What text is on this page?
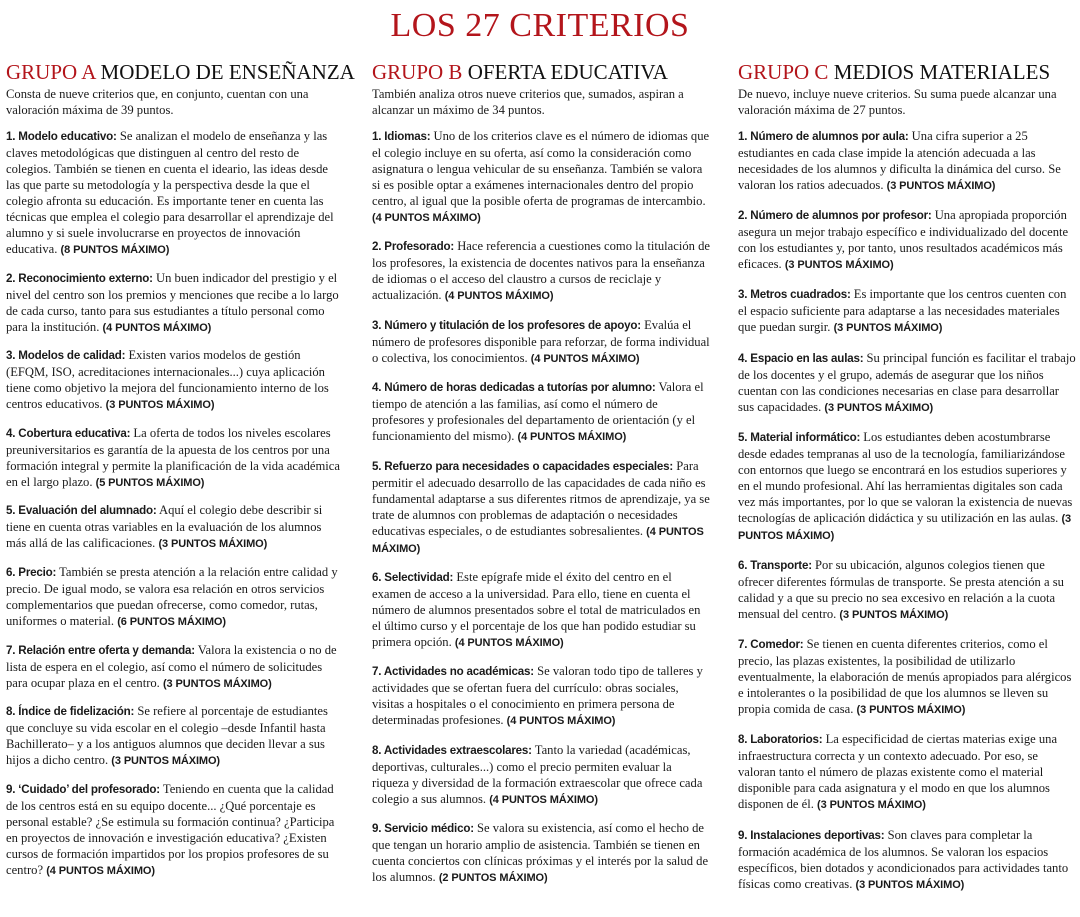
LOS 27 CRITERIOS
GRUPO A MODELO DE ENSEÑANZA

Consta de nueve criterios que, en conjunto, cuentan con una valoración máxima de 39 puntos.

1. Modelo educativo: Se analizan el modelo de enseñanza y las claves metodológicas que distinguen al centro del resto de colegios. También se tienen en cuenta el ideario, las ideas desde las que parte su metodología y la perspectiva desde la que el colegio afronta su educación. Es importante tener en cuenta las técnicas que emplea el colegio para desarrollar el aprendizaje del alumno y si suele involucrarse en proyectos de innovación educativa. (8 PUNTOS MÁXIMO)

2. Reconocimiento externo: Un buen indicador del prestigio y el nivel del centro son los premios y menciones que recibe a lo largo de cada curso, tanto para sus estudiantes a título personal como para la institución. (4 PUNTOS MÁXIMO)

3. Modelos de calidad: Existen varios modelos de gestión (EFQM, ISO, acreditaciones internacionales...) cuya aplicación tiene como objetivo la mejora del funcionamiento interno de los centros educativos. (3 PUNTOS MÁXIMO)

4. Cobertura educativa: La oferta de todos los niveles escolares preuniversitarios es garantía de la apuesta de los centros por una formación integral y permite la planificación de la vida académica en el largo plazo. (5 PUNTOS MÁXIMO)

5. Evaluación del alumnado: Aquí el colegio debe describir si tiene en cuenta otras variables en la evaluación de los alumnos más allá de las calificaciones. (3 PUNTOS MÁXIMO)

6. Precio: También se presta atención a la relación entre calidad y precio. De igual modo, se valora esa relación en otros servicios complementarios que puedan ofrecerse, como comedor, rutas, uniformes o material. (6 PUNTOS MÁXIMO)

7. Relación entre oferta y demanda: Valora la existencia o no de lista de espera en el colegio, así como el número de solicitudes para ocupar plaza en el centro. (3 PUNTOS MÁXIMO)

8. Índice de fidelización: Se refiere al porcentaje de estudiantes que concluye su vida escolar en el colegio –desde Infantil hasta Bachillerato– y a los antiguos alumnos que deciden llevar a sus hijos a dicho centro. (3 PUNTOS MÁXIMO)

9. ‘Cuidado’ del profesorado: Teniendo en cuenta que la calidad de los centros está en su equipo docente... ¿Qué porcentaje es personal estable? ¿Se estimula su formación continua? ¿Participa en proyectos de innovación e investigación educativa? ¿Existen cursos de formación impartidos por los propios profesores de su centro? (4 PUNTOS MÁXIMO)

GRUPO B OFERTA EDUCATIVA

También analiza otros nueve criterios que, sumados, aspiran a alcanzar un máximo de 34 puntos.

1. Idiomas: Uno de los criterios clave es el número de idiomas que el colegio incluye en su oferta, así como la consideración como asignatura o lengua vehicular de su enseñanza. También se valora si es posible optar a exámenes internacionales dentro del propio centro, al igual que la posible oferta de programas de intercambio. (4 PUNTOS MÁXIMO)

2. Profesorado: Hace referencia a cuestiones como la titulación de los profesores, la existencia de docentes nativos para la enseñanza de idiomas o el acceso del claustro a cursos de reciclaje y actualización. (4 PUNTOS MÁXIMO)

3. Número y titulación de los profesores de apoyo: Evalúa el número de profesores disponible para reforzar, de forma individual o colectiva, los conocimientos. (4 PUNTOS MÁXIMO)

4. Número de horas dedicadas a tutorías por alumno: Valora el tiempo de atención a las familias, así como el número de profesores y profesionales del departamento de orientación (y el funcionamiento del mismo). (4 PUNTOS MÁXIMO)

5. Refuerzo para necesidades o capacidades especiales: Para permitir el adecuado desarrollo de las capacidades de cada niño es fundamental adaptarse a sus diferentes ritmos de aprendizaje, ya se trate de alumnos con problemas de adaptación o necesidades educativas especiales, o de estudiantes sobresalientes. (4 PUNTOS MÁXIMO)

6. Selectividad: Este epígrafe mide el éxito del centro en el examen de acceso a la universidad. Para ello, tiene en cuenta el número de alumnos presentados sobre el total de matriculados en el último curso y el porcentaje de los que han podido estudiar su primera opción. (4 PUNTOS MÁXIMO)

7. Actividades no académicas: Se valoran todo tipo de talleres y actividades que se ofertan fuera del currículo: obras sociales, visitas a hospitales o el conocimiento en primera persona de determinadas profesiones. (4 PUNTOS MÁXIMO)

8. Actividades extraescolares: Tanto la variedad (académicas, deportivas, culturales...) como el precio permiten evaluar la riqueza y diversidad de la formación extraescolar que ofrece cada colegio a sus alumnos. (4 PUNTOS MÁXIMO)

9. Servicio médico: Se valora su existencia, así como el hecho de que tengan un horario amplio de asistencia. También se tienen en cuenta conciertos con clínicas próximas y el interés por la salud de los alumnos. (2 PUNTOS MÁXIMO)

GRUPO C MEDIOS MATERIALES

De nuevo, incluye nueve criterios. Su suma puede alcanzar una valoración máxima de 27 puntos.

1. Número de alumnos por aula: Una cifra superior a 25 estudiantes en cada clase impide la atención adecuada a las necesidades de los alumnos y dificulta la dinámica del curso. Se valoran los ratios adecuados. (3 PUNTOS MÁXIMO)

2. Número de alumnos por profesor: Una apropiada proporción asegura un mejor trabajo específico e individualizado del docente con los estudiantes y, por tanto, unos resultados académicos más eficaces. (3 PUNTOS MÁXIMO)

3. Metros cuadrados: Es importante que los centros cuenten con el espacio suficiente para adaptarse a las necesidades materiales que puedan surgir. (3 PUNTOS MÁXIMO)

4. Espacio en las aulas: Su principal función es facilitar el trabajo de los docentes y el grupo, además de asegurar que los niños cuentan con las condiciones necesarias en clase para desarrollar sus capacidades. (3 PUNTOS MÁXIMO)

5. Material informático: Los estudiantes deben acostumbrarse desde edades tempranas al uso de la tecnología, familiarizándose con entornos que luego se encontrará en los estudios superiores y en el mundo profesional. Ahí las herramientas digitales son cada vez más importantes, por lo que se valoran la existencia de nuevas tecnologías de aplicación didáctica y su utilización en las aulas. (3 PUNTOS MÁXIMO)

6. Transporte: Por su ubicación, algunos colegios tienen que ofrecer diferentes fórmulas de transporte. Se presta atención a su calidad y a que su precio no sea excesivo en relación a la cuota mensual del centro. (3 PUNTOS MÁXIMO)

7. Comedor: Se tienen en cuenta diferentes criterios, como el precio, las plazas existentes, la posibilidad de utilizarlo eventualmente, la elaboración de menús apropiados para alérgicos e intolerantes o la posibilidad de que los alumnos se lleven su propia comida de casa. (3 PUNTOS MÁXIMO)

8. Laboratorios: La especificidad de ciertas materias exige una infraestructura correcta y un contexto adecuado. Por eso, se valoran tanto el número de plazas existente como el material disponible para cada asignatura y el modo en que los alumnos disponen de él. (3 PUNTOS MÁXIMO)

9. Instalaciones deportivas: Son claves para completar la formación académica de los alumnos. Se valoran los espacios específicos, bien dotados y acondicionados para actividades tanto físicas como creativas. (3 PUNTOS MÁXIMO)
